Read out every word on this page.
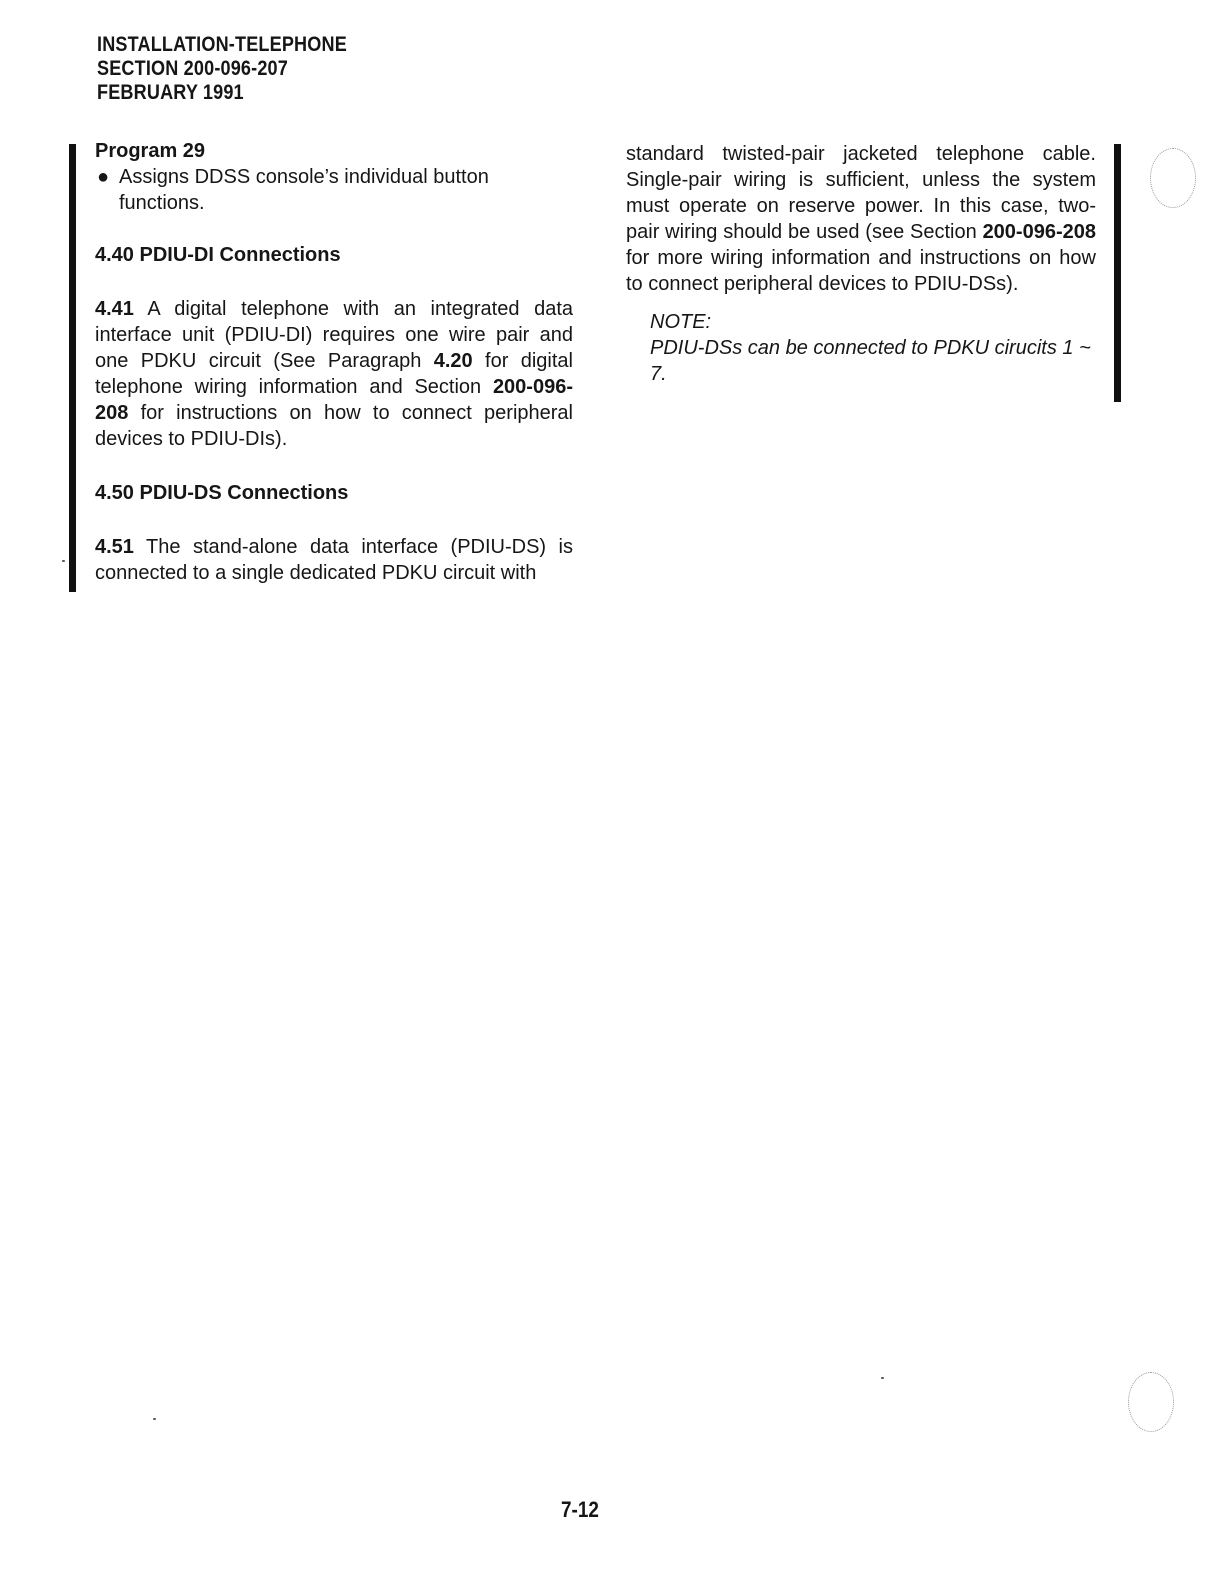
INSTALLATION-TELEPHONE
SECTION 200-096-207
FEBRUARY 1991

Program 29

● Assigns DDSS console’s individual button functions.

4.40 PDIU-DI Connections

4.41 A digital telephone with an integrated data interface unit (PDIU-DI) requires one wire pair and one PDKU circuit (See Paragraph 4.20 for digital telephone wiring information and Section 200-096-208 for instructions on how to connect peripheral devices to PDIU-DIs).

4.50 PDIU-DS Connections

4.51 The stand-alone data interface (PDIU-DS) is connected to a single dedicated PDKU circuit with

standard twisted-pair jacketed telephone cable. Single-pair wiring is sufficient, unless the system must operate on reserve power. In this case, two-pair wiring should be used (see Section 200-096-208 for more wiring information and instructions on how to connect peripheral devices to PDIU-DSs).

NOTE:

PDIU-DSs can be connected to PDKU cirucits 1 ~ 7.

7-12
